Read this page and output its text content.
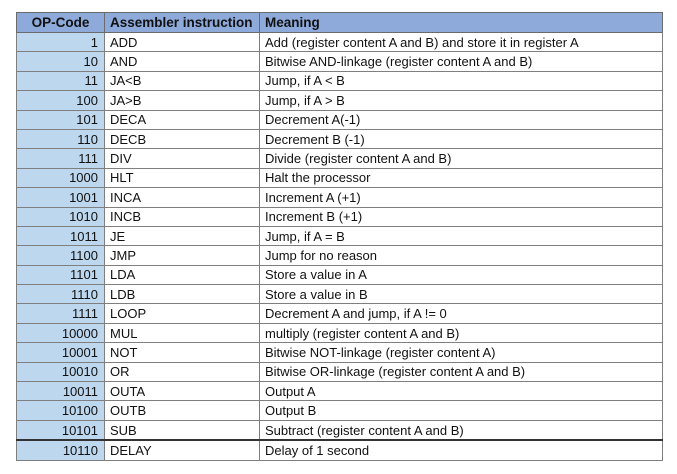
OP-Code	Assembler instruction	Meaning
1	ADD	Add (register content A and B) and store it in register A
10	AND	Bitwise AND-linkage (register content A and B)
11	JA<B	Jump, if A < B
100	JA>B	Jump, if A > B
101	DECA	Decrement A(-1)
110	DECB	Decrement B (-1)
111	DIV	Divide (register content A and B)
1000	HLT	Halt the processor
1001	INCA	Increment A (+1)
1010	INCB	Increment B (+1)
1011	JE	Jump, if A = B
1100	JMP	Jump for no reason
1101	LDA	Store a value in A
1110	LDB	Store a value in B
1111	LOOP	Decrement A and jump, if A != 0
10000	MUL	multiply (register content A and B)
10001	NOT	Bitwise NOT-linkage (register content A)
10010	OR	Bitwise OR-linkage (register content A and B)
10011	OUTA	Output A
10100	OUTB	Output B
10101	SUB	Subtract (register content A and B)
10110	DELAY	Delay of 1 second
